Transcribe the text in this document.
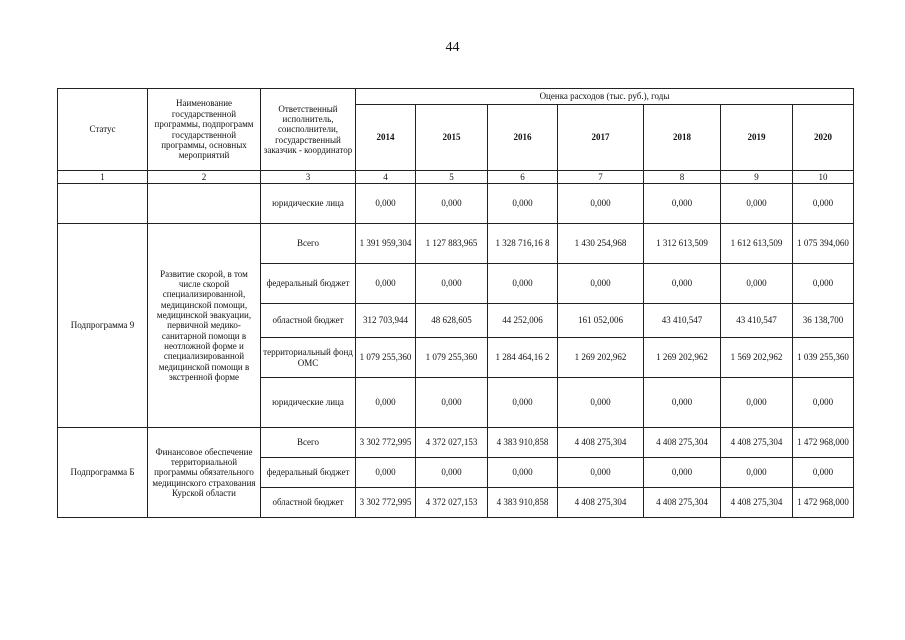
44
Статус	Наименование государственной программы, подпрограмм государственной программы, основных мероприятий	Ответственный исполнитель, соисполнители, государственный заказчик - координатор	Оценка расходов (тыс. руб.), годы						
			2014	2015	2016	2017	2018	2019	2020
1	2	3	4	5	6	7	8	9	10
		юридические лица	0,000	0,000	0,000	0,000	0,000	0,000	0,000
Подпрограмма 9	Развитие скорой, в том числе скорой специализированной, медицинской помощи, медицинской эвакуации, первичной медико-санитарной помощи в неотложной форме и специализированной медицинской помощи в экстренной форме	Всего	1 391 959,304	1 127 883,965	1 328 716,16 8	1 430 254,968	1 312 613,509	1 612 613,509	1 075 394,060
		федеральный бюджет	0,000	0,000	0,000	0,000	0,000	0,000	0,000
		областной бюджет	312 703,944	48 628,605	44 252,006	161 052,006	43 410,547	43 410,547	36 138,700
		территориальный фонд ОМС	1 079 255,360	1 079 255,360	1 284 464,16 2	1 269 202,962	1 269 202,962	1 569 202,962	1 039 255,360
		юридические лица	0,000	0,000	0,000	0,000	0,000	0,000	0,000
Подпрограмма Б	Финансовое обеспечение территориальной программы обязательного медицинского страхования Курской области	Всего	3 302 772,995	4 372 027,153	4 383 910,858	4 408 275,304	4 408 275,304	4 408 275,304	1 472 968,000
		федеральный бюджет	0,000	0,000	0,000	0,000	0,000	0,000	0,000
		областной бюджет	3 302 772,995	4 372 027,153	4 383 910,858	4 408 275,304	4 408 275,304	4 408 275,304	1 472 968,000
